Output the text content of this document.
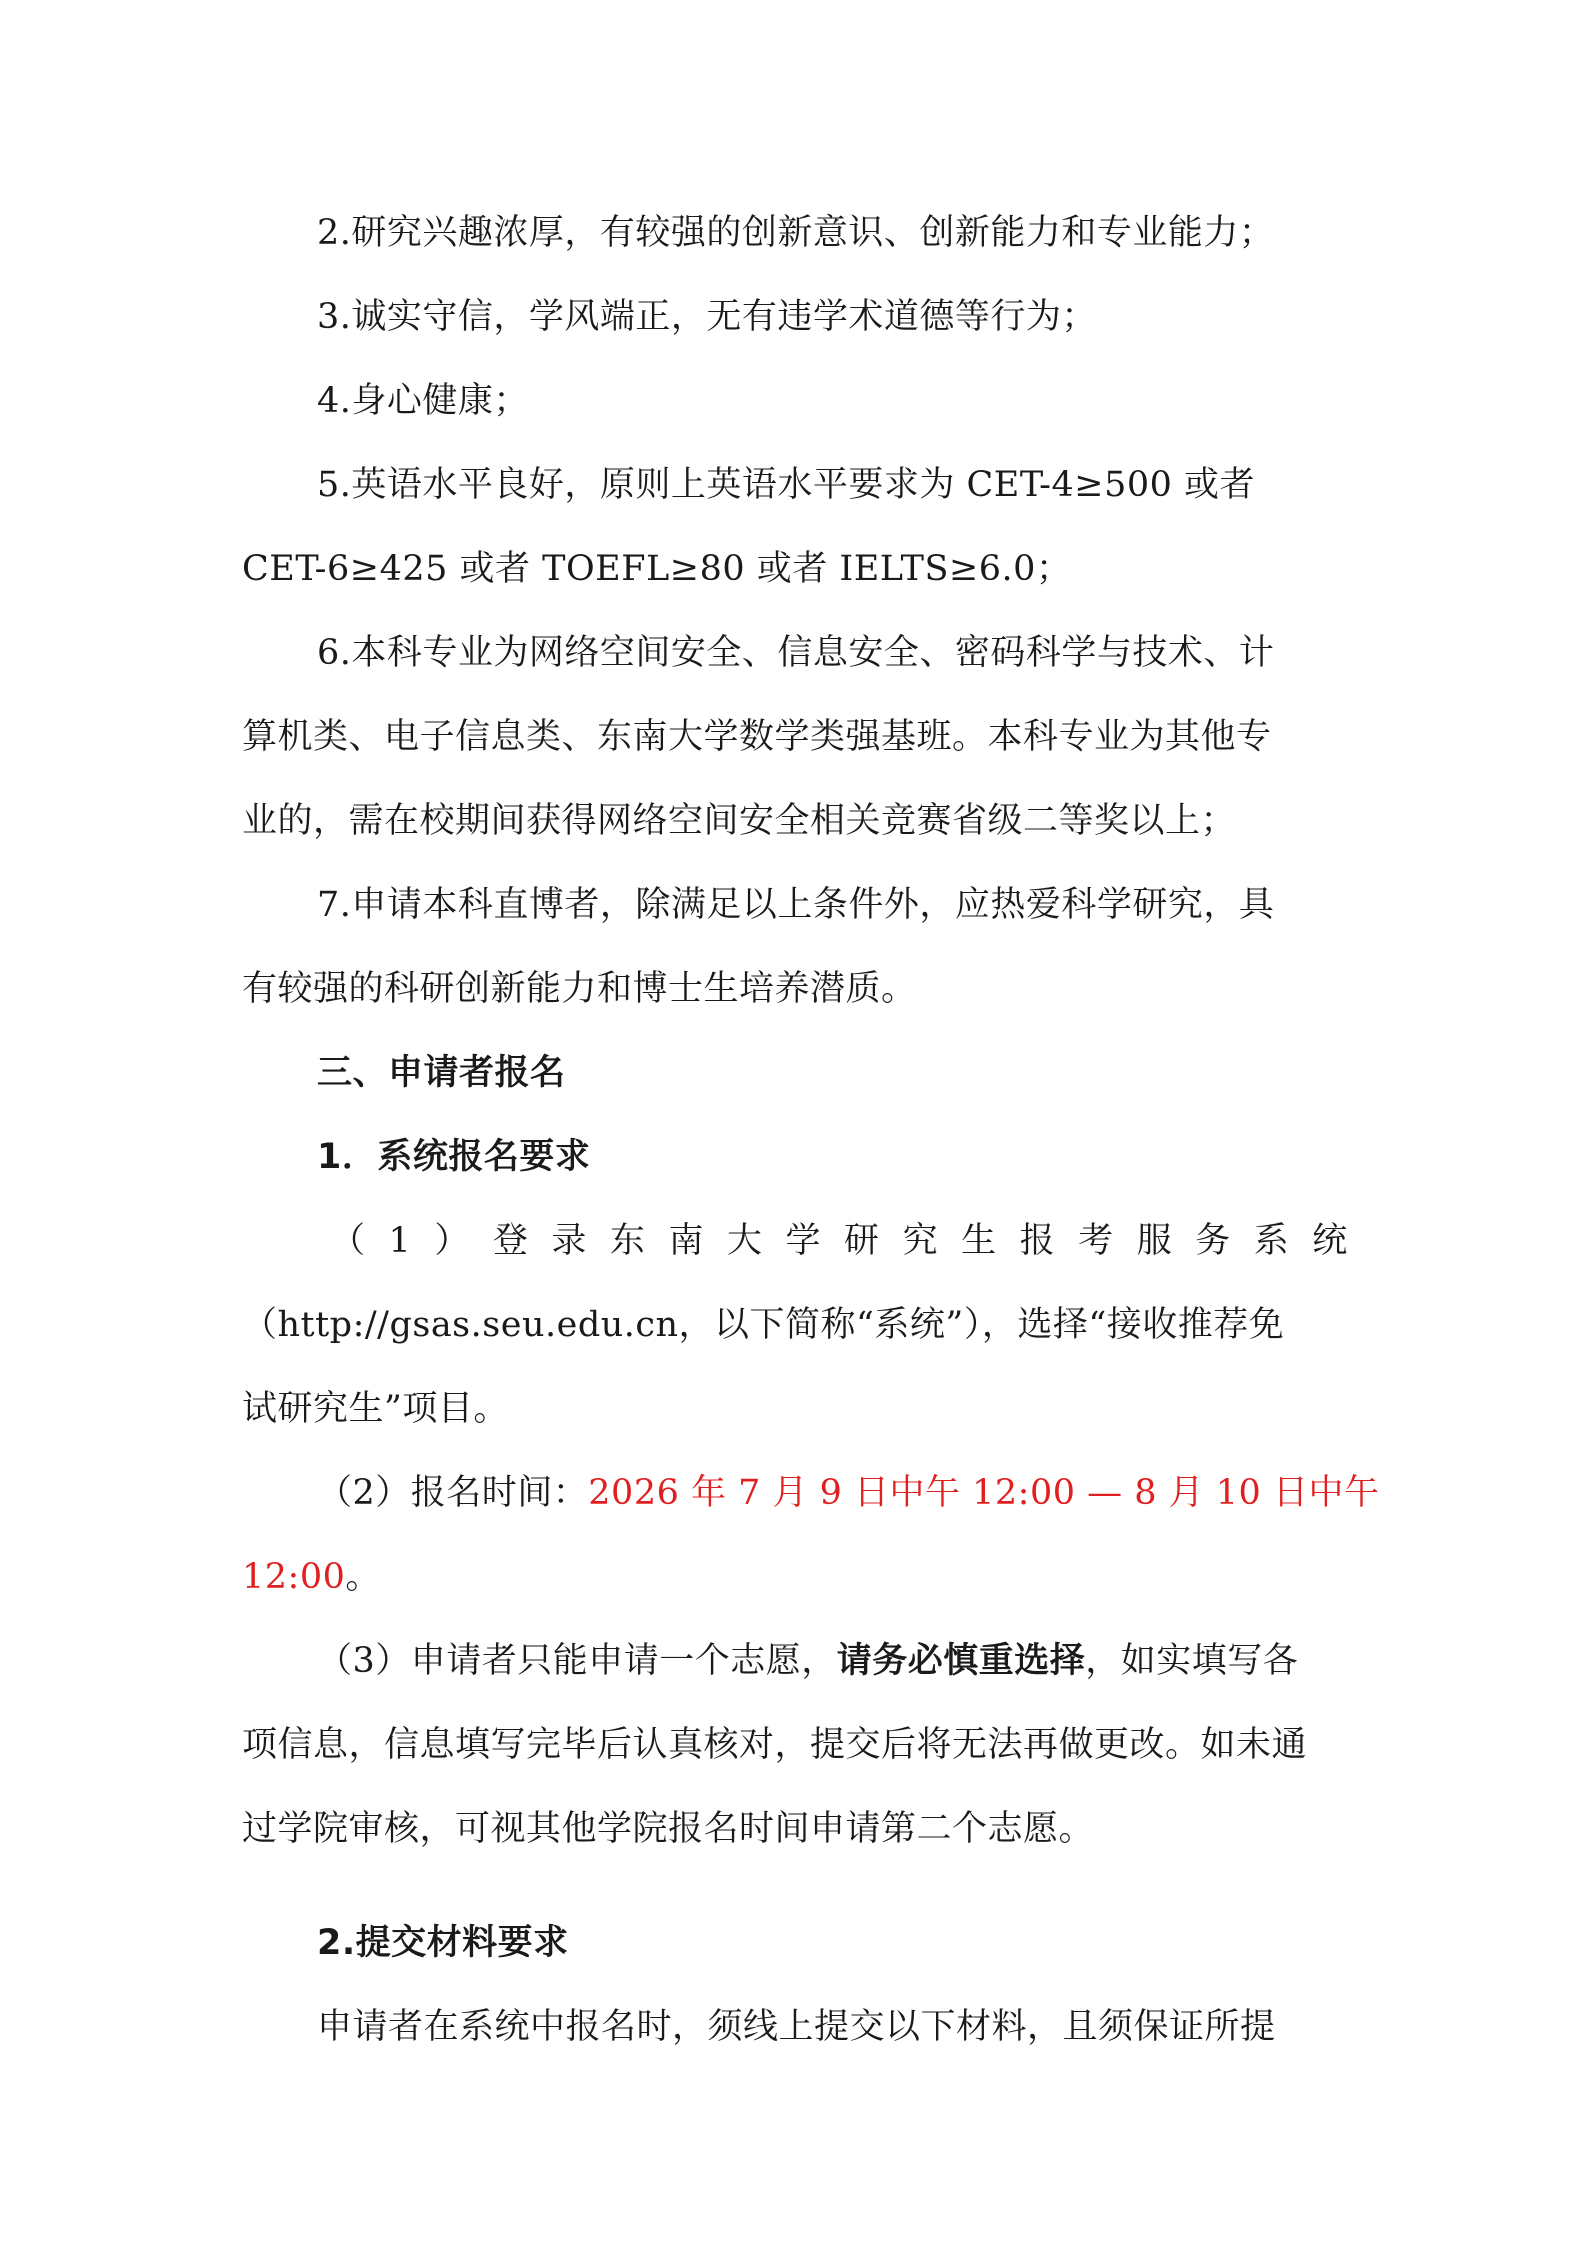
2.研究兴趣浓厚，有较强的创新意识、创新能力和专业能力；
3.诚实守信，学风端正，无有违学术道德等行为；
4.身心健康；
5.英语水平良好，原则上英语水平要求为 CET-4≥500 或者
CET-6≥425 或者 TOEFL≥80 或者 IELTS≥6.0；
6.本科专业为网络空间安全、信息安全、密码科学与技术、计
算机类、电子信息类、东南大学数学类强基班。本科专业为其他专
业的，需在校期间获得网络空间安全相关竞赛省级二等奖以上；
7.申请本科直博者，除满足以上条件外，应热爱科学研究，具
有较强的科研创新能力和博士生培养潜质。
三、申请者报名
1．系统报名要求
（ 1 ） 登 录 东 南 大 学 研 究 生 报 考 服 务 系 统
（http://gsas.seu.edu.cn，以下简称“系统”），选择“接收推荐免
试研究生”项目。
（2）报名时间：2026 年 7 月 9 日中午 12:00 — 8 月 10 日中午
12:00。
（3）申请者只能申请一个志愿，请务必慎重选择，如实填写各
项信息，信息填写完毕后认真核对，提交后将无法再做更改。如未通
过学院审核，可视其他学院报名时间申请第二个志愿。
2.提交材料要求
申请者在系统中报名时，须线上提交以下材料，且须保证所提
